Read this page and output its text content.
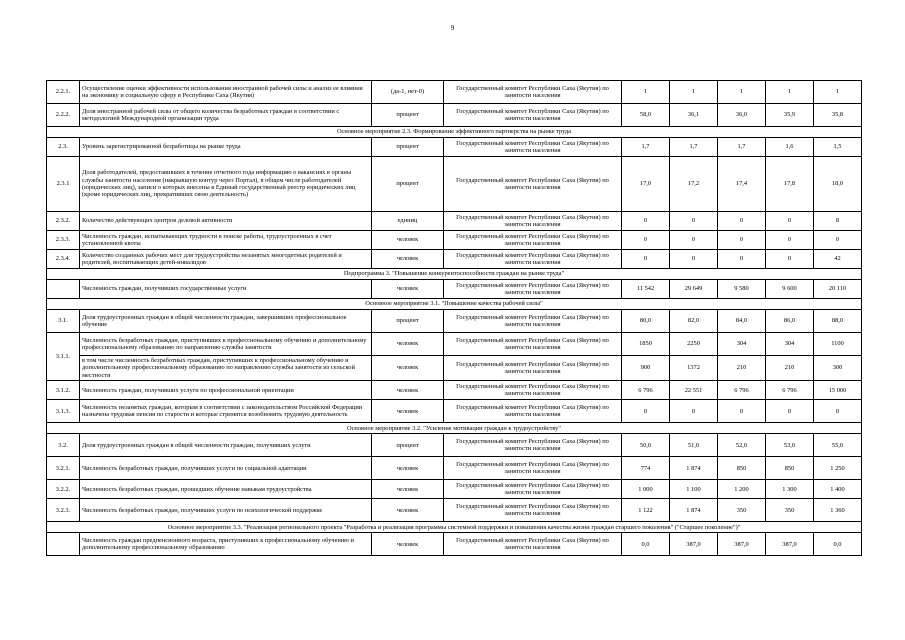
9
2.2.1.	Осуществление оценки эффективности использования иностранной рабочей силы и анализ ее влияния на экономику и социальную сферу в Республике Саха (Якутия)	(да-1, нет-0)	Государственный комитет Республики Саха (Якутия) по занятости населения	1	1	1	1	1
2.2.2.	Доля иностранной рабочей силы от общего количества безработных граждан в соответствии с методологией Международной организации труда	процент	Государственный комитет Республики Саха (Якутия) по занятости населения	58,0	36,1	36,0	35,9	35,8
Основное мероприятие 2.3. Формирование эффективного партнерства на рынке труда								
2.3.	Уровень зарегистрированной безработицы на рынке труда	процент	Государственный комитет Республики Саха (Якутия) по занятости населения	1,7	1,7	1,7	1,6	1,5
2.3.1	Доля работодателей, предоставивших в течение отчетного года информацию о вакансиях в органы службы занятости населения (накрывшую контур через Портал), в общем числе работодателей (юридических лиц), записи о которых внесены в Единый государственный реестр юридических лиц (кроме юридических лиц, прекративших свою деятельность)	процент	Государственный комитет Республики Саха (Якутия) по занятости населения	17,0	17,2	17,4	17,8	18,0
2.3.2.	Количество действующих центров деловой активности	единиц	Государственный комитет Республики Саха (Якутия) по занятости населения	0	0	0	0	8
2.3.3.	Численность граждан, испытывающих трудности в поиске работы, трудоустроенных в счет установленной квоты	человек	Государственный комитет Республики Саха (Якутия) по занятости населения	0	0	0	0	0
2.3.4.	Количество созданных рабочих мест для трудоустройства незанятых многодетных родителей и родителей, воспитывающих детей-инвалидов	человек	Государственный комитет Республики Саха (Якутия) по занятости населения	0	0	0	0	42
Подпрограмма 3. "Повышение конкурентоспособности граждан на рынке труда"								
	Численность граждан, получивших государственные услуги	человек	Государственный комитет Республики Саха (Якутия) по занятости населения	11 542	29 649	9 580	9 600	20 110
Основное мероприятие 3.1. "Повышение качества рабочей силы"								
3.1.	Доля трудоустроенных граждан в общей численности граждан, завершивших профессиональное обучение	процент	Государственный комитет Республики Саха (Якутия) по занятости населения	80,0	82,0	84,0	86,0	88,0
3.1.1.	Численность безработных граждан, приступивших к профессиональному обучению и дополнительному профессиональному образованию по направлению службы занятости	человек	Государственный комитет Республики Саха (Якутия) по занятости населения	1850	2250	304	304	1100
	в том числе численность безработных граждан, приступивших к профессиональному обучению и дополнительному профессиональному образованию по направлению службы занятости из сельской местности	человек	Государственный комитет Республики Саха (Якутия) по занятости населения	900	1372	210	210	300
3.1.2.	Численность граждан, получивших услуги по профессиональной ориентации	человек	Государственный комитет Республики Саха (Якутия) по занятости населения	6 796	22 551	6 796	6 796	15 000
3.1.3.	Численность незанятых граждан, которым в соответствии с законодательством Российской Федерации назначена трудовая пенсия по старости и которые стремятся возобновить трудовую деятельность	человек	Государственный комитет Республики Саха (Якутия) по занятости населения	0	0	0	0	0
Основное мероприятие 3.2. "Усиление мотивации граждан к трудоустройству"								
3.2.	Доля трудоустроенных граждан в общей численности граждан, получивших услуги	процент	Государственный комитет Республики Саха (Якутия) по занятости населения	50,0	51,0	52,0	53,0	55,0
3.2.1.	Численность безработных граждан, получивших услуги по социальной адаптации	человек	Государственный комитет Республики Саха (Якутия) по занятости населения	774	1 874	850	850	1 250
3.2.2.	Численность безработных граждан, прошедших обучение навыкам трудоустройства	человек	Государственный комитет Республики Саха (Якутия) по занятости населения	1 000	1 100	1 200	1 300	1 400
3.2.3.	Численность безработных граждан, получивших услуги по психологической поддержке	человек	Государственный комитет Республики Саха (Якутия) по занятости населения	1 122	1 874	350	350	1 360
Основное мероприятие 3.3. "Реализация регионального проекта "Разработка и реализация программы системной поддержки и повышения качества жизни граждан старшего поколения" ("Старшее поколение")"								
	Численность граждан предпенсионного возраста, приступивших к профессиональному обучению и дополнительному профессиональному образованию	человек	Государственный комитет Республики Саха (Якутия) по занятости населения	0,0	387,0	387,0	387,0	0,0
